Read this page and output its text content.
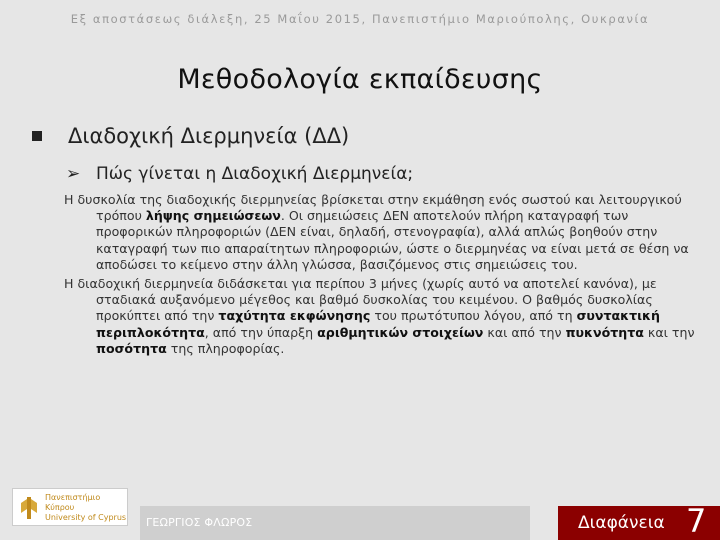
Εξ αποστάσεως διάλεξη, 25 Μαΐου 2015, Πανεπιστήμιο Μαριούπολης, Ουκρανία
Μεθοδολογία εκπαίδευσης
Διαδοχική Διερμηνεία (ΔΔ)
➢ Πώς γίνεται η Διαδοχική Διερμηνεία;

Η δυσκολία της διαδοχικής διερμηνείας βρίσκεται στην εκμάθηση ενός σωστού και λειτουργικού τρόπου λήψης σημειώσεων. Οι σημειώσεις ΔΕΝ αποτελούν πλήρη καταγραφή των προφορικών πληροφοριών (ΔΕΝ είναι, δηλαδή, στενογραφία), αλλά απλώς βοηθούν στην καταγραφή των πιο απαραίτητων πληροφοριών, ώστε ο διερμηνέας να είναι μετά σε θέση να αποδώσει το κείμενο στην άλλη γλώσσα, βασιζόμενος στις σημειώσεις του.

Η διαδοχική διερμηνεία διδάσκεται για περίπου 3 μήνες (χωρίς αυτό να αποτελεί κανόνα), με σταδιακά αυξανόμενο μέγεθος και βαθμό δυσκολίας του κειμένου. Ο βαθμός δυσκολίας προκύπτει από την ταχύτητα εκφώνησης του πρωτότυπου λόγου, από τη συντακτική περιπλοκότητα, από την ύπαρξη αριθμητικών στοιχείων και από την πυκνότητα και την ποσότητα της πληροφορίας.

Πανεπιστήμιο Κύπρου
University of Cyprus ΓΕΩΡΓΙΟΣ ΦΛΩΡΟΣ	Διαφάνεια 7
